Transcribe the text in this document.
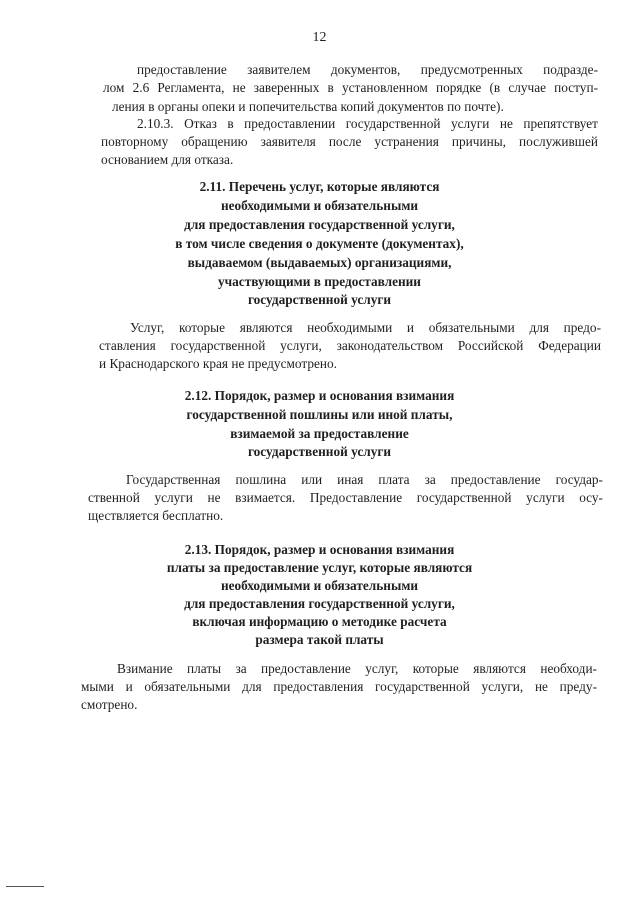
12
предоставление заявителем документов, предусмотренных подразде-
лом 2.6 Регламента, не заверенных в установленном порядке (в случае поступ-
ления в органы опеки и попечительства копий документов по почте).
2.10.3. Отказ в предоставлении государственной услуги не препятствует
повторному обращению заявителя после устранения причины, послужившей
основанием для отказа.
2.11. Перечень услуг, которые являются
необходимыми и обязательными
для предоставления государственной услуги,
в том числе сведения о документе (документах),
выдаваемом (выдаваемых) организациями,
участвующими в предоставлении
государственной услуги
Услуг, которые являются необходимыми и обязательными для предо-
ставления государственной услуги, законодательством Российской Федерации
и Краснодарского края не предусмотрено.
2.12. Порядок, размер и основания взимания
государственной пошлины или иной платы,
взимаемой за предоставление
государственной услуги
Государственная пошлина или иная плата за предоставление государ-
ственной услуги не взимается. Предоставление государственной услуги осу-
ществляется бесплатно.
2.13. Порядок, размер и основания взимания
платы за предоставление услуг, которые являются
необходимыми и обязательными
для предоставления государственной услуги,
включая информацию о методике расчета
размера такой платы
Взимание платы за предоставление услуг, которые являются необходи-
мыми и обязательными для предоставления государственной услуги, не преду-
смотрено.
